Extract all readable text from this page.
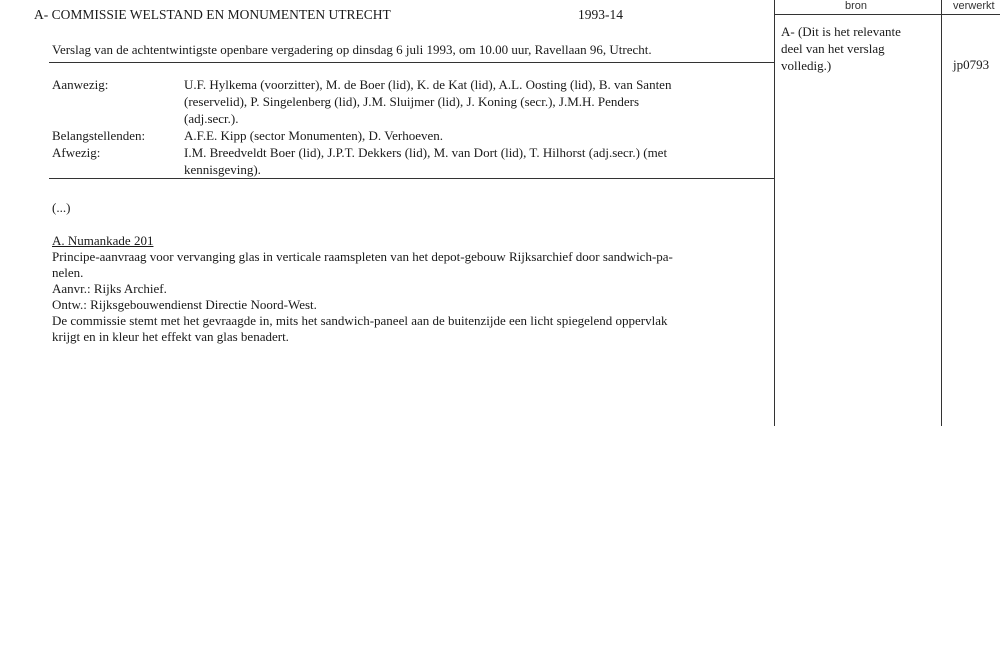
A- COMMISSIE WELSTAND EN MONUMENTEN UTRECHT	1993-14
bron	verwerkt
A- (Dit is het relevante
deel van het verslag
volledig.)	jp0793
Verslag van de achtentwintigste openbare vergadering op dinsdag 6 juli 1993, om 10.00 uur, Ravellaan 96, Utrecht.
Aanwezig:	U.F. Hylkema (voorzitter), M. de Boer (lid), K. de Kat (lid), A.L. Oosting (lid), B. van Santen
(reservelid), P. Singelenberg (lid), J.M. Sluijmer (lid), J. Koning (secr.), J.M.H. Penders
(adj.secr.).
Belangstellenden:	A.F.E. Kipp (sector Monumenten), D. Verhoeven.
Afwezig:	I.M. Breedveldt Boer (lid), J.P.T. Dekkers (lid), M. van Dort (lid), T. Hilhorst (adj.secr.) (met
kennisgeving).
(...)
A. Numankade 201
Principe-aanvraag voor vervanging glas in verticale raamspleten van het depot-gebouw Rijksarchief door sandwich-pa-
nelen.
Aanvr.: Rijks Archief.
Ontw.: Rijksgebouwendienst Directie Noord-West.
De commissie stemt met het gevraagde in, mits het sandwich-paneel aan de buitenzijde een licht spiegelend oppervlak
krijgt en in kleur het effekt van glas benadert.
